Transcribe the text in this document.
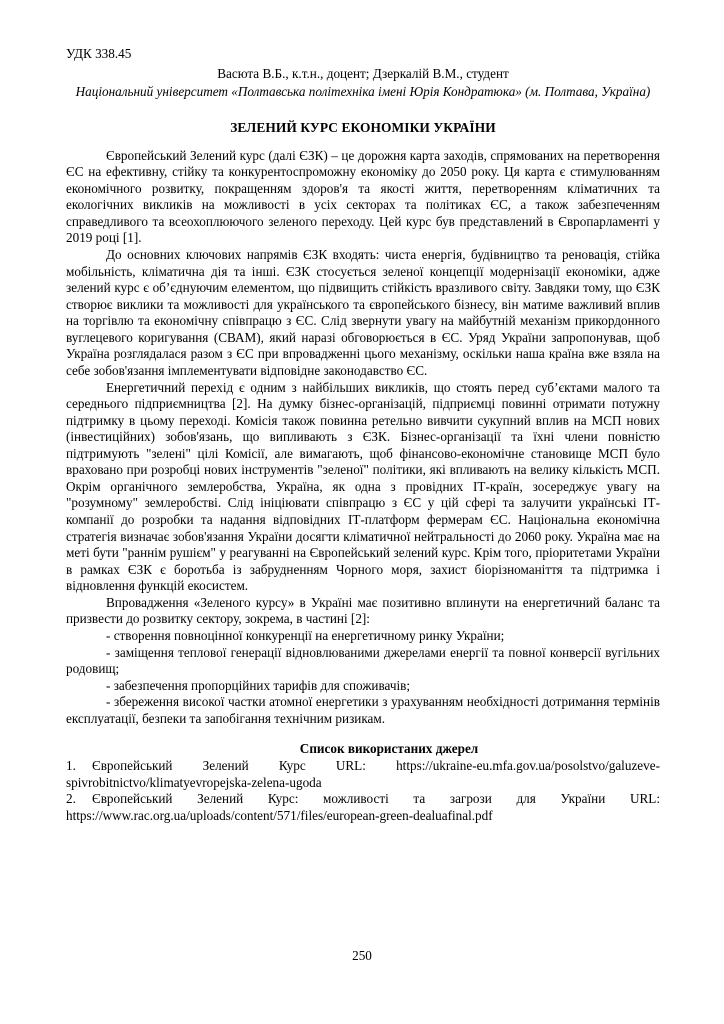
УДК 338.45
Васюта В.Б., к.т.н., доцент; Дзеркалій В.М., студент
Національний університет «Полтавська політехніка імені Юрія Кондратюка» (м. Полтава, Україна)
ЗЕЛЕНИЙ КУРС ЕКОНОМІКИ УКРАЇНИ

Європейський Зелений курс (далі ЄЗК) – це дорожня карта заходів, спрямованих на перетворення ЄС на ефективну, стійку та конкурентоспроможну економіку до 2050 року. Ця карта є стимулюванням економічного розвитку, покращенням здоров'я та якості життя, перетворенням кліматичних та екологічних викликів на можливості в усіх секторах та політиках ЄС, а також забезпеченням справедливого та всеохоплюючого зеленого переходу. Цей курс був представлений в Європарламенті у 2019 році [1].

До основних ключових напрямів ЄЗК входять: чиста енергія, будівництво та реновація, стійка мобільність, кліматична дія та інші. ЄЗК стосується зеленої концепції модернізації економіки, адже зелений курс є об’єднуючим елементом, що підвищить стійкість вразливого світу. Завдяки тому, що ЄЗК створює виклики та можливості для українського та європейського бізнесу, він матиме важливий вплив на торгівлю та економічну співпрацю з ЄС. Слід звернути увагу на майбутній механізм прикордонного вуглецевого коригування (СВАМ), який наразі обговорюється в ЄС. Уряд України запропонував, щоб Україна розглядалася разом з ЄС при впровадженні цього механізму, оскільки наша країна вже взяла на себе зобов'язання імплементувати відповідне законодавство ЄС.

Енергетичний перехід є одним з найбільших викликів, що стоять перед суб’єктами малого та середнього підприємництва [2]. На думку бізнес-організацій, підприємці повинні отримати потужну підтримку в цьому переході. Комісія також повинна ретельно вивчити сукупний вплив на МСП нових (інвестиційних) зобов'язань, що випливають з ЄЗК. Бізнес-організації та їхні члени повністю підтримують "зелені" цілі Комісії, але вимагають, щоб фінансово-економічне становище МСП було враховано при розробці нових інструментів "зеленої" політики, які впливають на велику кількість МСП. Окрім органічного землеробства, Україна, як одна з провідних ІТ-країн, зосереджує увагу на "розумному" землеробстві. Слід ініціювати співпрацю з ЄС у цій сфері та залучити українські ІТ-компанії до розробки та надання відповідних ІТ-платформ фермерам ЄС. Національна економічна стратегія визначає зобов'язання України досягти кліматичної нейтральності до 2060 року. Україна має на меті бути "раннім рушієм" у реагуванні на Європейський зелений курс. Крім того, пріоритетами України в рамках ЄЗК є боротьба із забрудненням Чорного моря, захист біорізноманіття та підтримка і відновлення функцій екосистем.

Впровадження «Зеленого курсу» в Україні має позитивно вплинути на енергетичний баланс та призвести до розвитку сектору, зокрема, в частині [2]:

- створення повноцінної конкуренції на енергетичному ринку України;
- заміщення теплової генерації відновлюваними джерелами енергії та повної конверсії вугільних родовищ;
- забезпечення пропорційних тарифів для споживачів;
- збереження високої частки атомної енергетики з урахуванням необхідності дотримання термінів експлуатації, безпеки та запобігання технічним ризикам.
Список використаних джерел

1. Європейський Зелений Курс URL: https://ukraine-eu.mfa.gov.ua/posolstvo/galuzeve-spivrobitnictvo/klimatyevropejska-zelena-ugoda

2. Європейський Зелений Курс: можливості та загрози для України URL: https://www.rac.org.ua/uploads/content/571/files/european-green-dealuafinal.pdf

250
